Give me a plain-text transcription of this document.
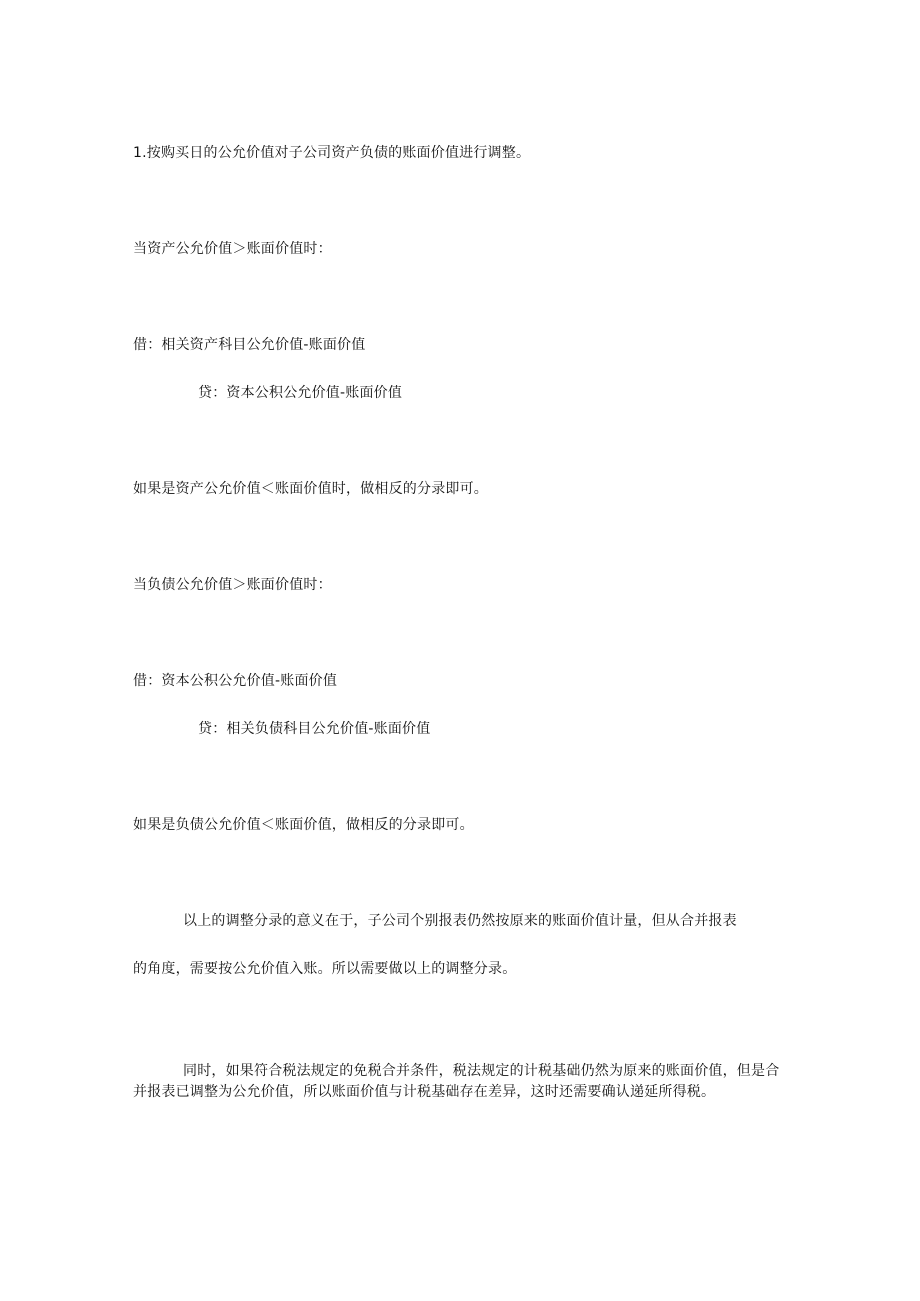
1.按购买日的公允价值对子公司资产负债的账面价值进行调整。
当资产公允价值＞账面价值时：
借：相关资产科目公允价值-账面价值
贷：资本公积公允价值-账面价值
如果是资产公允价值＜账面价值时，做相反的分录即可。
当负债公允价值＞账面价值时：
借：资本公积公允价值-账面价值
贷：相关负债科目公允价值-账面价值
如果是负债公允价值＜账面价值，做相反的分录即可。
以上的调整分录的意义在于，子公司个别报表仍然按原来的账面价值计量，但从合并报表
的角度，需要按公允价值入账。所以需要做以上的调整分录。
同时，如果符合税法规定的免税合并条件，税法规定的计税基础仍然为原来的账面价值，但是合并报表已调整为公允价值，所以账面价值与计税基础存在差异，这时还需要确认递延所得税。
